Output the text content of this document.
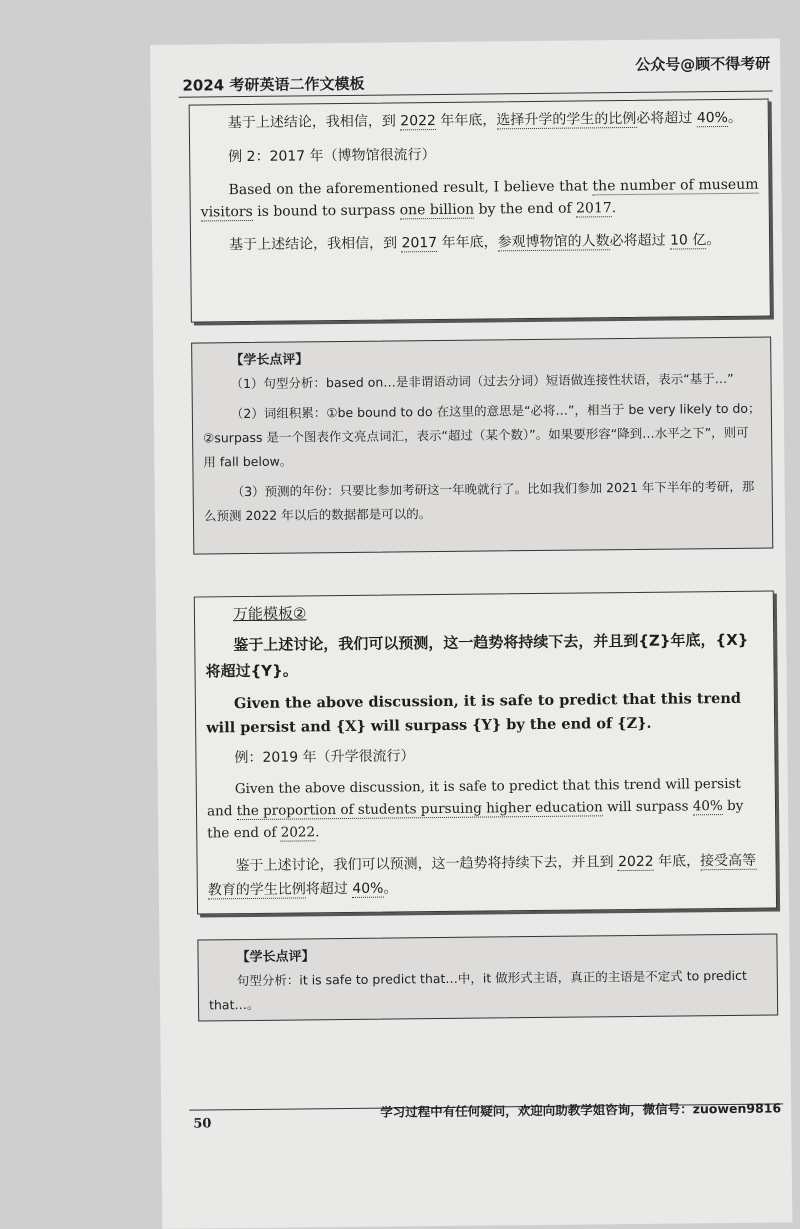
2024 考研英语二作文模板
公众号@顾不得考研

基于上述结论，我相信，到 2022 年年底，选择升学的学生的比例必将超过 40%。

例 2：2017 年（博物馆很流行）

Based on the aforementioned result, I believe that the number of museum visitors is bound to surpass one billion by the end of 2017.

基于上述结论，我相信，到 2017 年年底，参观博物馆的人数必将超过 10 亿。

【学长点评】

（1）句型分析：based on…是非谓语动词（过去分词）短语做连接性状语，表示“基于…”

（2）词组积累：①be bound to do 在这里的意思是“必将…”，相当于 be very likely to do；②surpass 是一个图表作文亮点词汇，表示“超过（某个数）”。如果要形容“降到…水平之下”，则可用 fall below。

（3）预测的年份：只要比参加考研这一年晚就行了。比如我们参加 2021 年下半年的考研，那么预测 2022 年以后的数据都是可以的。

万能模板②

鉴于上述讨论，我们可以预测，这一趋势将持续下去，并且到{Z}年底，{X}将超过{Y}。

Given the above discussion, it is safe to predict that this trend will persist and {X} will surpass {Y} by the end of {Z}.

例：2019 年（升学很流行）

Given the above discussion, it is safe to predict that this trend will persist and the proportion of students pursuing higher education will surpass 40% by the end of 2022.

鉴于上述讨论，我们可以预测，这一趋势将持续下去，并且到 2022 年底，接受高等教育的学生比例将超过 40%。

【学长点评】

句型分析：it is safe to predict that…中，it 做形式主语，真正的主语是不定式 to predict that…。

50
学习过程中有任何疑问，欢迎向助教学姐咨询，微信号：zuowen9816
